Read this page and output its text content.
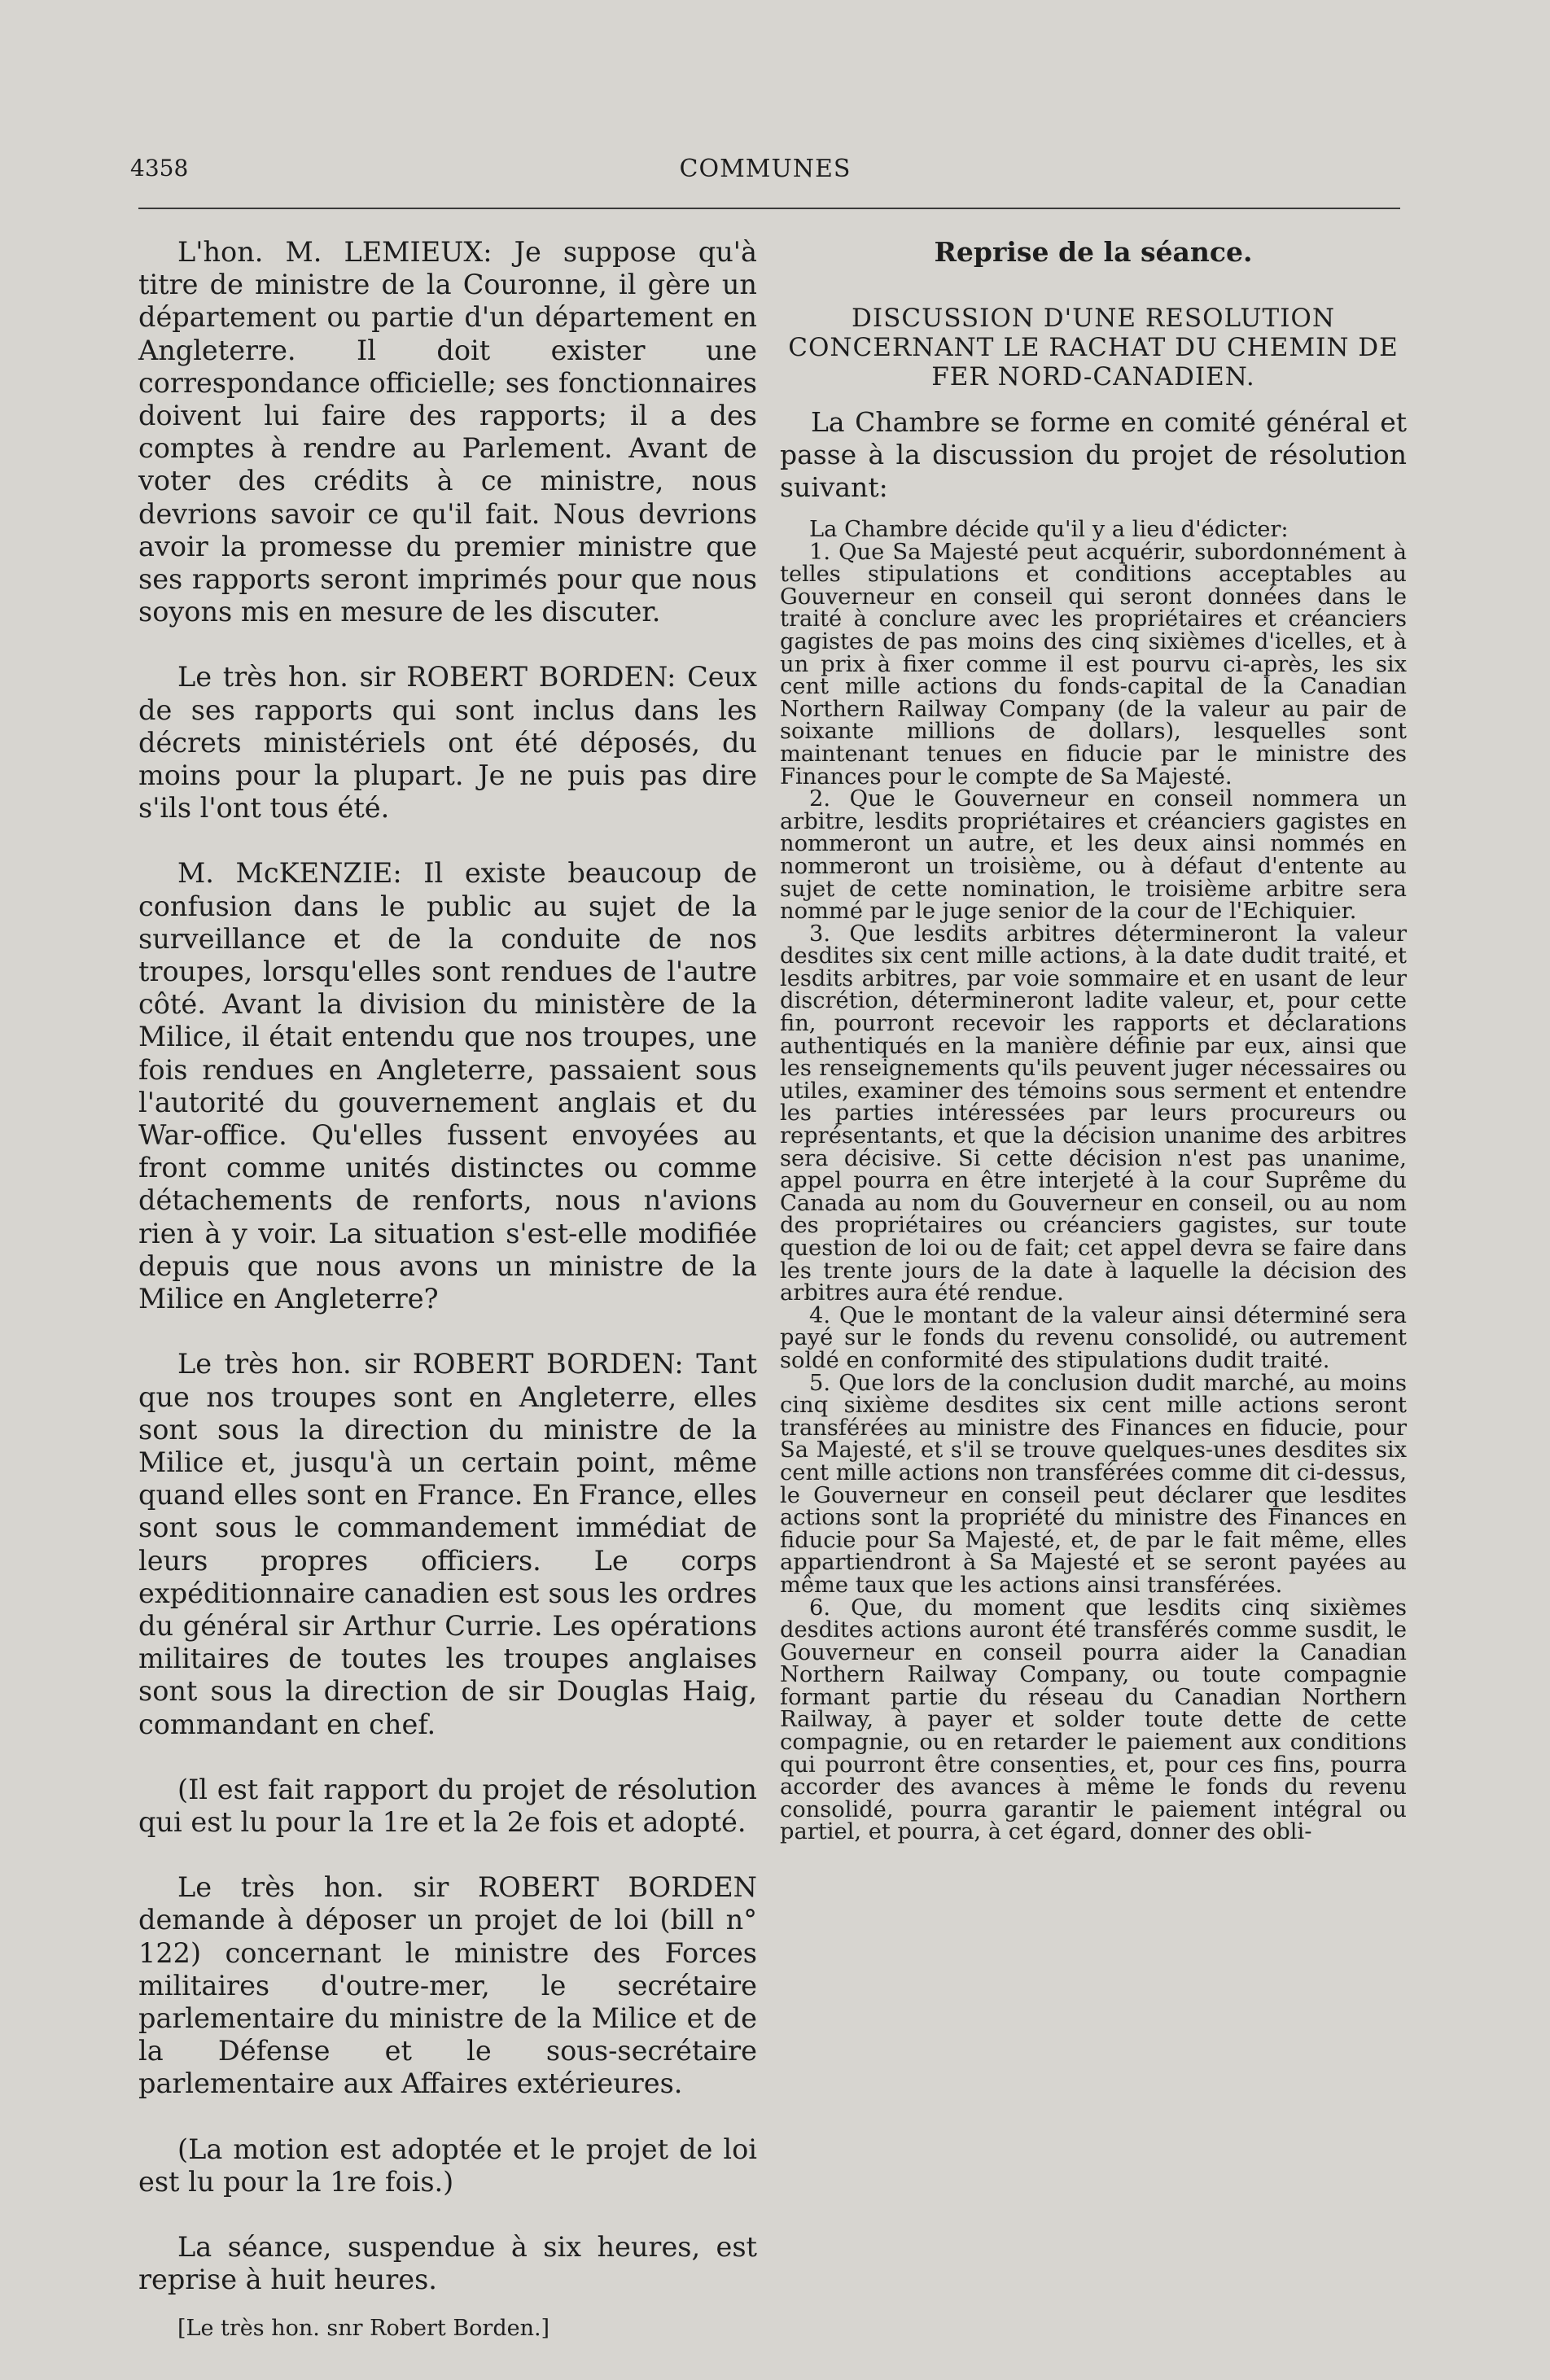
4358	COMMUNES

L'hon. M. LEMIEUX: Je suppose qu'à titre de ministre de la Couronne, il gère un département ou partie d'un département en Angleterre. Il doit exister une correspondance officielle; ses fonctionnaires doivent lui faire des rapports; il a des comptes à rendre au Parlement. Avant de voter des crédits à ce ministre, nous devrions savoir ce qu'il fait. Nous devrions avoir la promesse du premier ministre que ses rapports seront imprimés pour que nous soyons mis en mesure de les discuter.

Le très hon. sir ROBERT BORDEN: Ceux de ses rapports qui sont inclus dans les décrets ministériels ont été déposés, du moins pour la plupart. Je ne puis pas dire s'ils l'ont tous été.

M. McKENZIE: Il existe beaucoup de confusion dans le public au sujet de la surveillance et de la conduite de nos troupes, lorsqu'elles sont rendues de l'autre côté. Avant la division du ministère de la Milice, il était entendu que nos troupes, une fois rendues en Angleterre, passaient sous l'autorité du gouvernement anglais et du War-office. Qu'elles fussent envoyées au front comme unités distinctes ou comme détachements de renforts, nous n'avions rien à y voir. La situation s'est-elle modifiée depuis que nous avons un ministre de la Milice en Angleterre?

Le très hon. sir ROBERT BORDEN: Tant que nos troupes sont en Angleterre, elles sont sous la direction du ministre de la Milice et, jusqu'à un certain point, même quand elles sont en France. En France, elles sont sous le commandement immédiat de leurs propres officiers. Le corps expéditionnaire canadien est sous les ordres du général sir Arthur Currie. Les opérations militaires de toutes les troupes anglaises sont sous la direction de sir Douglas Haig, commandant en chef.

(Il est fait rapport du projet de résolution qui est lu pour la 1re et la 2e fois et adopté.

Le très hon. sir ROBERT BORDEN demande à déposer un projet de loi (bill n° 122) concernant le ministre des Forces militaires d'outre-mer, le secrétaire parlementaire du ministre de la Milice et de la Défense et le sous-secrétaire parlementaire aux Affaires extérieures.

(La motion est adoptée et le projet de loi est lu pour la 1re fois.)

La séance, suspendue à six heures, est reprise à huit heures.

[Le très hon. snr Robert Borden.]

Reprise de la séance.
DISCUSSION D'UNE RESOLUTION CONCERNANT LE RACHAT DU CHEMIN DE FER NORD-CANADIEN.

La Chambre se forme en comité général et passe à la discussion du projet de résolution suivant:

La Chambre décide qu'il y a lieu d'édicter:

1. Que Sa Majesté peut acquérir, subordonnément à telles stipulations et conditions acceptables au Gouverneur en conseil qui seront données dans le traité à conclure avec les propriétaires et créanciers gagistes de pas moins des cinq sixièmes d'icelles, et à un prix à fixer comme il est pourvu ci-après, les six cent mille actions du fonds-capital de la Canadian Northern Railway Company (de la valeur au pair de soixante millions de dollars), lesquelles sont maintenant tenues en fiducie par le ministre des Finances pour le compte de Sa Majesté.

2. Que le Gouverneur en conseil nommera un arbitre, lesdits propriétaires et créanciers gagistes en nommeront un autre, et les deux ainsi nommés en nommeront un troisième, ou à défaut d'entente au sujet de cette nomination, le troisième arbitre sera nommé par le juge senior de la cour de l'Echiquier.

3. Que lesdits arbitres détermineront la valeur desdites six cent mille actions, à la date dudit traité, et lesdits arbitres, par voie sommaire et en usant de leur discrétion, détermineront ladite valeur, et, pour cette fin, pourront recevoir les rapports et déclarations authentiqués en la manière définie par eux, ainsi que les renseignements qu'ils peuvent juger nécessaires ou utiles, examiner des témoins sous serment et entendre les parties intéressées par leurs procureurs ou représentants, et que la décision unanime des arbitres sera décisive. Si cette décision n'est pas unanime, appel pourra en être interjeté à la cour Suprême du Canada au nom du Gouverneur en conseil, ou au nom des propriétaires ou créanciers gagistes, sur toute question de loi ou de fait; cet appel devra se faire dans les trente jours de la date à laquelle la décision des arbitres aura été rendue.

4. Que le montant de la valeur ainsi déterminé sera payé sur le fonds du revenu consolidé, ou autrement soldé en conformité des stipulations dudit traité.

5. Que lors de la conclusion dudit marché, au moins cinq sixième desdites six cent mille actions seront transférées au ministre des Finances en fiducie, pour Sa Majesté, et s'il se trouve quelques-unes desdites six cent mille actions non transférées comme dit ci-dessus, le Gouverneur en conseil peut déclarer que lesdites actions sont la propriété du ministre des Finances en fiducie pour Sa Majesté, et, de par le fait même, elles appartiendront à Sa Majesté et se seront payées au même taux que les actions ainsi transférées.

6. Que, du moment que lesdits cinq sixièmes desdites actions auront été transférés comme susdit, le Gouverneur en conseil pourra aider la Canadian Northern Railway Company, ou toute compagnie formant partie du réseau du Canadian Northern Railway, à payer et solder toute dette de cette compagnie, ou en retarder le paiement aux conditions qui pourront être consenties, et, pour ces fins, pourra accorder des avances à même le fonds du revenu consolidé, pourra garantir le paiement intégral ou partiel, et pourra, à cet égard, donner des obli-
